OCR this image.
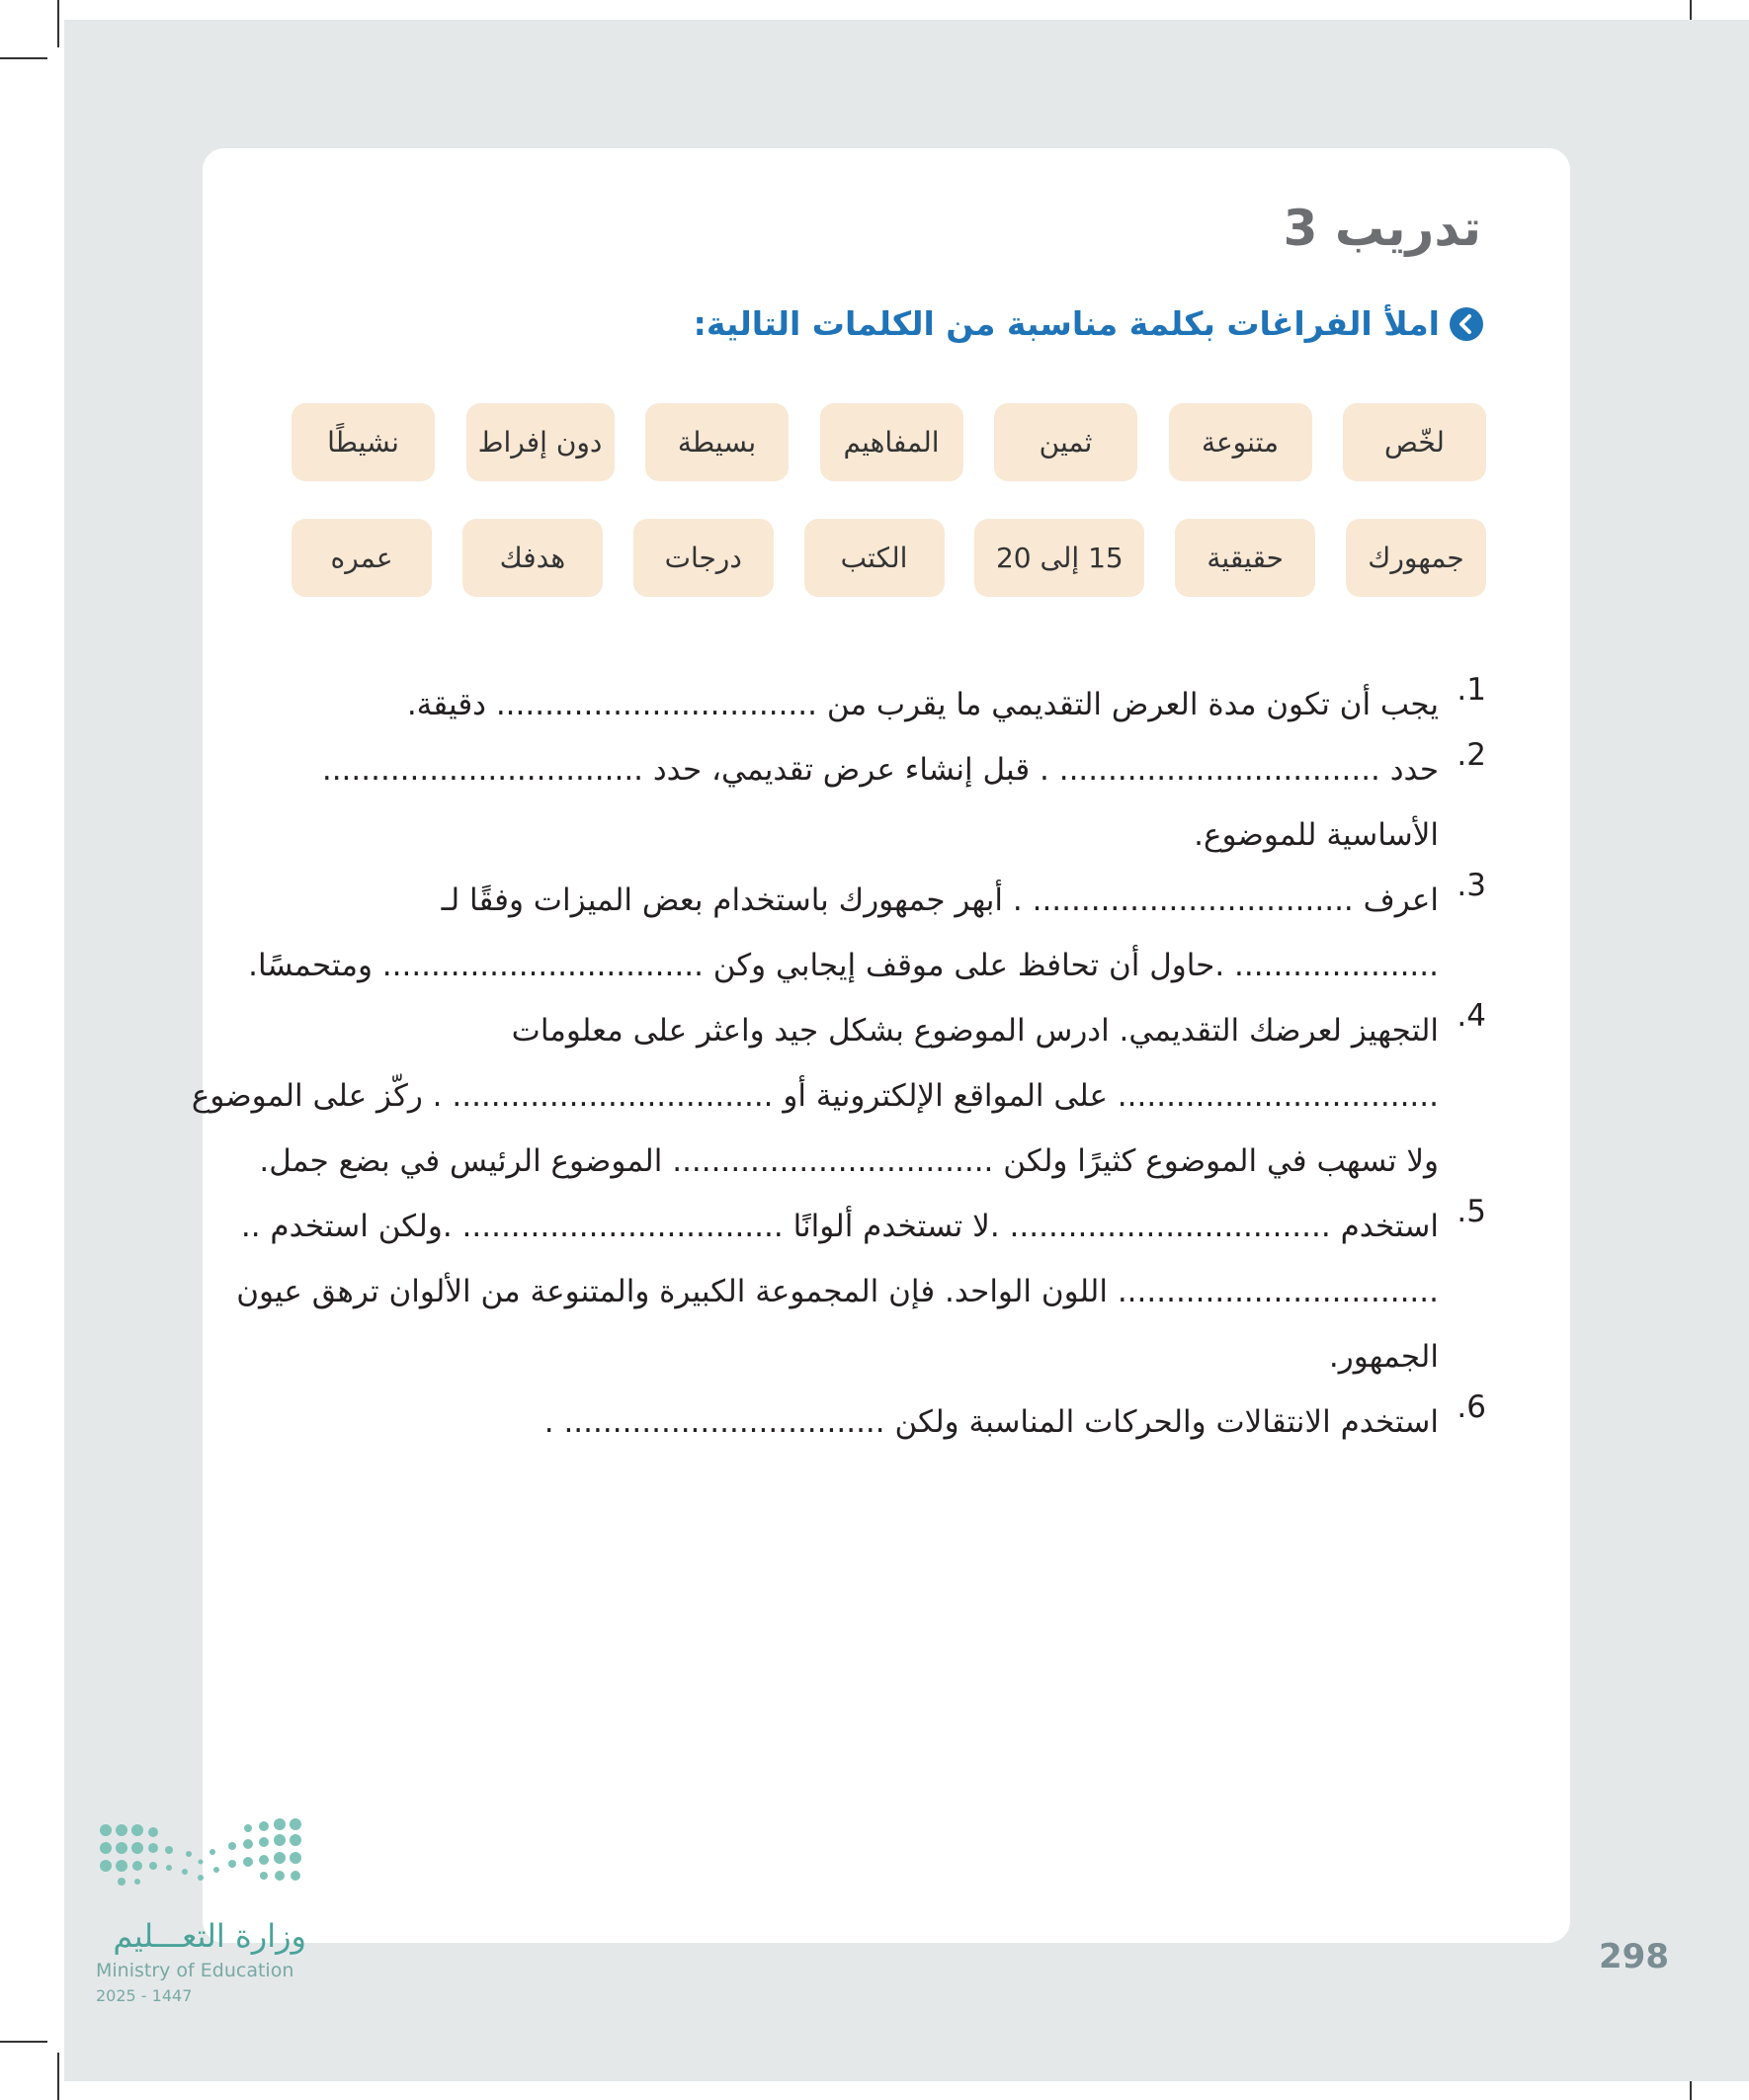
تدريب 3
املأ الفراغات بكلمة مناسبة من الكلمات التالية:
لخّص
متنوعة
ثمين
المفاهيم
بسيطة
دون إفراط
نشيطًا
جمهورك
حقيقية
15 إلى 20
الكتب
درجات
هدفك
عمره
1.
يجب أن تكون مدة العرض التقديمي ما يقرب من ................................. دقيقة.
2.
حدد ................................. . قبل إنشاء عرض تقديمي، حدد .................................
الأساسية للموضوع.
3.
اعرف ................................. . أبهر جمهورك باستخدام بعض الميزات وفقًا لـ
..................... .حاول أن تحافظ على موقف إيجابي وكن ................................. ومتحمسًا.
4.
التجهيز لعرضك التقديمي. ادرس الموضوع بشكل جيد واعثر على معلومات
................................. على المواقع الإلكترونية أو ................................. . ركّز على الموضوع
ولا تسهب في الموضوع كثيرًا ولكن ................................. الموضوع الرئيس في بضع جمل.
5.
استخدم ................................. .لا تستخدم ألوانًا ................................. .ولكن استخدم ..
................................. اللون الواحد. فإن المجموعة الكبيرة والمتنوعة من الألوان ترهق عيون
الجمهور.
6.
استخدم الانتقالات والحركات المناسبة ولكن ................................. .
وزارة التعـــليم
Ministry of Education
2025 - 1447
298
